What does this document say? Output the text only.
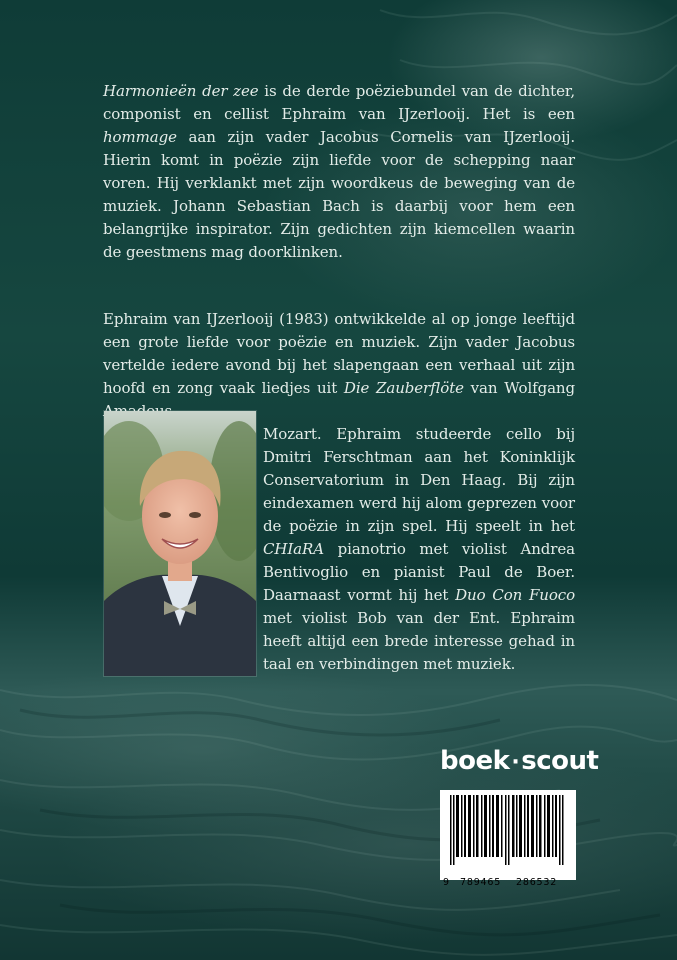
Harmonieën der zee is de derde poëziebundel van de dichter, componist en cellist Ephraim van IJzerlooij. Het is een hommage aan zijn vader Jacobus Cornelis van IJzerlooij. Hierin komt in poëzie zijn liefde voor de schepping naar voren. Hij verklankt met zijn woordkeus de beweging van de muziek. Johann Sebastian Bach is daarbij voor hem een belangrijke inspirator. Zijn gedichten zijn kiemcellen waarin de geestmens mag doorklinken.

Ephraim van IJzerlooij (1983) ontwikkelde al op jonge leeftijd een grote liefde voor poëzie en muziek. Zijn vader Jacobus vertelde iedere avond bij het slapengaan een verhaal uit zijn hoofd en zong vaak liedjes uit Die Zauberflöte van Wolfgang
Mozart. Ephraim studeerde cello bij Dmitri Ferschtman aan het Koninklijk Conservatorium in Den Haag. Bij zijn eindexamen werd hij alom geprezen voor de poëzie in zijn spel. Hij speelt in het CHIaRA pianotrio met violist Andrea Bentivoglio en pianist Paul de Boer. Daarnaast vormt hij het Duo Con Fuoco met violist Bob van der Ent. Ephraim heeft altijd een brede interesse gehad in taal en verbindingen met muziek.
boek·scout
9 789465 286532
